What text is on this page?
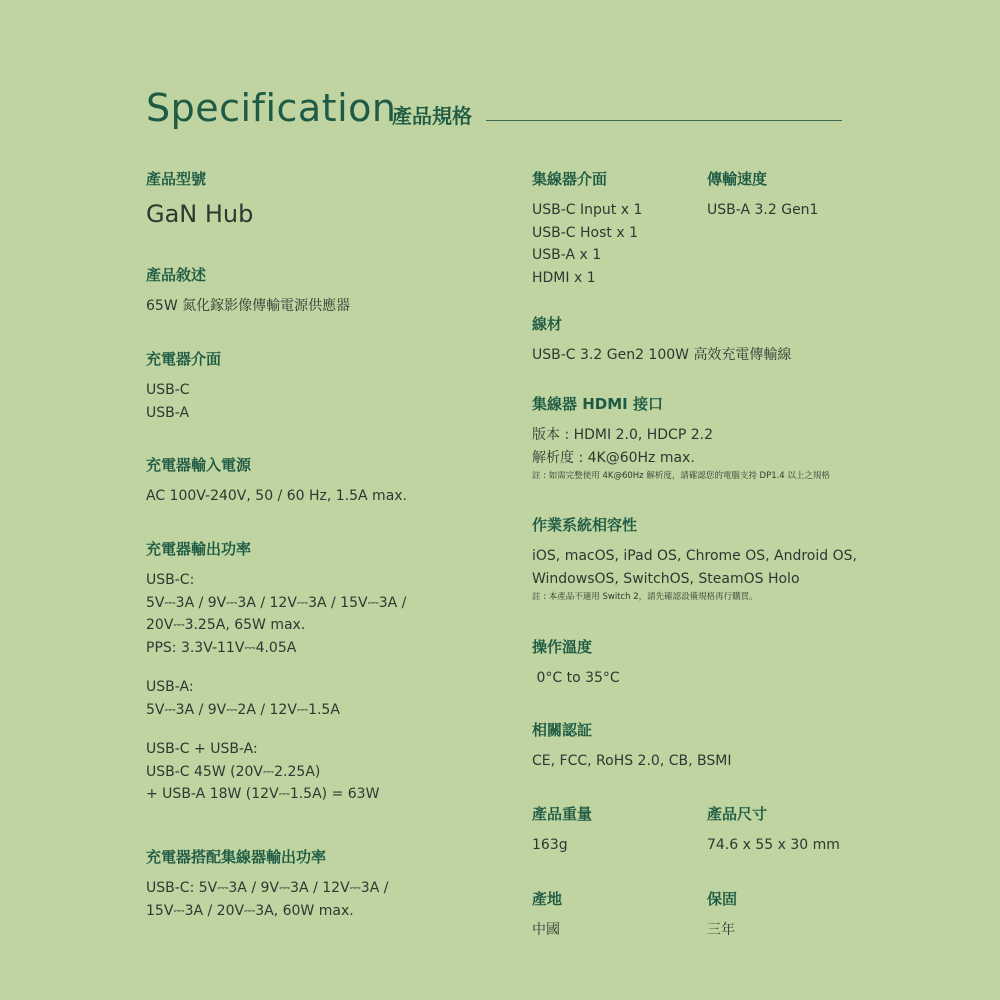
Specification
產品規格
產品型號
GaN Hub
產品敘述
65W 氮化鎵影像傳輸電源供應器
充電器介面
USB-C
USB-A
充電器輸入電源
AC 100V-240V, 50 / 60 Hz, 1.5A max.
充電器輸出功率
USB-C:
5V⎓3A / 9V⎓3A / 12V⎓3A / 15V⎓3A /
20V⎓3.25A, 65W max.
PPS: 3.3V-11V⎓4.05A
USB-A:
5V⎓3A / 9V⎓2A / 12V⎓1.5A
USB-C + USB-A:
USB-C 45W (20V⎓2.25A)
+ USB-A 18W (12V⎓1.5A) = 63W
充電器搭配集線器輸出功率
USB-C: 5V⎓3A / 9V⎓3A / 12V⎓3A /
15V⎓3A / 20V⎓3A, 60W max.
集線器介面
USB-C Input x 1
USB-C Host x 1
USB-A x 1
HDMI x 1
線材
USB-C 3.2 Gen2 100W 高效充電傳輸線
集線器 HDMI 接口
版本 : HDMI 2.0, HDCP 2.2
解析度 : 4K@60Hz max.
註 : 如需完整使用 4K@60Hz 解析度，請確認您的電腦支持 DP1.4 以上之規格
作業系統相容性
iOS, macOS, iPad OS, Chrome OS, Android OS,
WindowsOS, SwitchOS, SteamOS Holo
註 : 本產品不適用 Switch 2，請先確認設備規格再行購買。
操作溫度
0°C to 35°C
相關認証
CE, FCC, RoHS 2.0, CB, BSMI
產品重量
163g
產地
中國
傳輸速度
USB-A 3.2 Gen1
產品尺寸
74.6 x 55 x 30 mm
保固
三年
